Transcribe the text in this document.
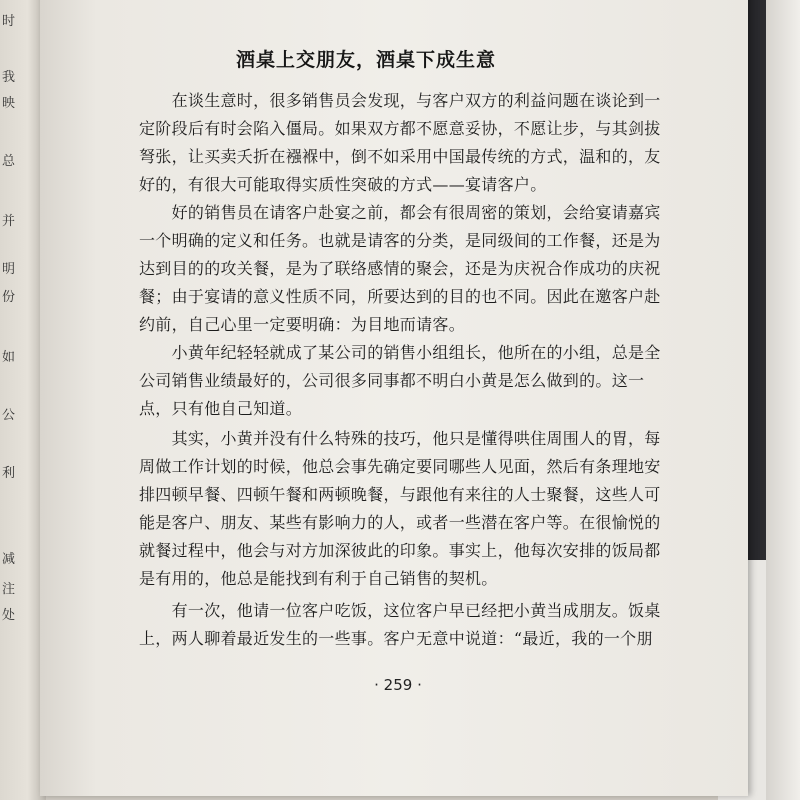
时
我
映
总
并
明
份
如
公
利
减
注
处
酒桌上交朋友，酒桌下成生意
　　在谈生意时，很多销售员会发现，与客户双方的利益问题在谈论到一
定阶段后有时会陷入僵局。如果双方都不愿意妥协，不愿让步，与其剑拔
弩张，让买卖夭折在襁褓中，倒不如采用中国最传统的方式，温和的，友
好的，有很大可能取得实质性突破的方式——宴请客户。
　　好的销售员在请客户赴宴之前，都会有很周密的策划，会给宴请嘉宾
一个明确的定义和任务。也就是请客的分类，是同级间的工作餐，还是为
达到目的的攻关餐，是为了联络感情的聚会，还是为庆祝合作成功的庆祝
餐；由于宴请的意义性质不同，所要达到的目的也不同。因此在邀客户赴
约前，自己心里一定要明确：为目地而请客。
　　小黄年纪轻轻就成了某公司的销售小组组长，他所在的小组，总是全
公司销售业绩最好的，公司很多同事都不明白小黄是怎么做到的。这一
点，只有他自己知道。
　　其实，小黄并没有什么特殊的技巧，他只是懂得哄住周围人的胃，每
周做工作计划的时候，他总会事先确定要同哪些人见面，然后有条理地安
排四顿早餐、四顿午餐和两顿晚餐，与跟他有来往的人士聚餐，这些人可
能是客户、朋友、某些有影响力的人，或者一些潜在客户等。在很愉悦的
就餐过程中，他会与对方加深彼此的印象。事实上，他每次安排的饭局都
是有用的，他总是能找到有利于自己销售的契机。
　　有一次，他请一位客户吃饭，这位客户早已经把小黄当成朋友。饭桌
上，两人聊着最近发生的一些事。客户无意中说道：“最近，我的一个朋
· 259 ·
